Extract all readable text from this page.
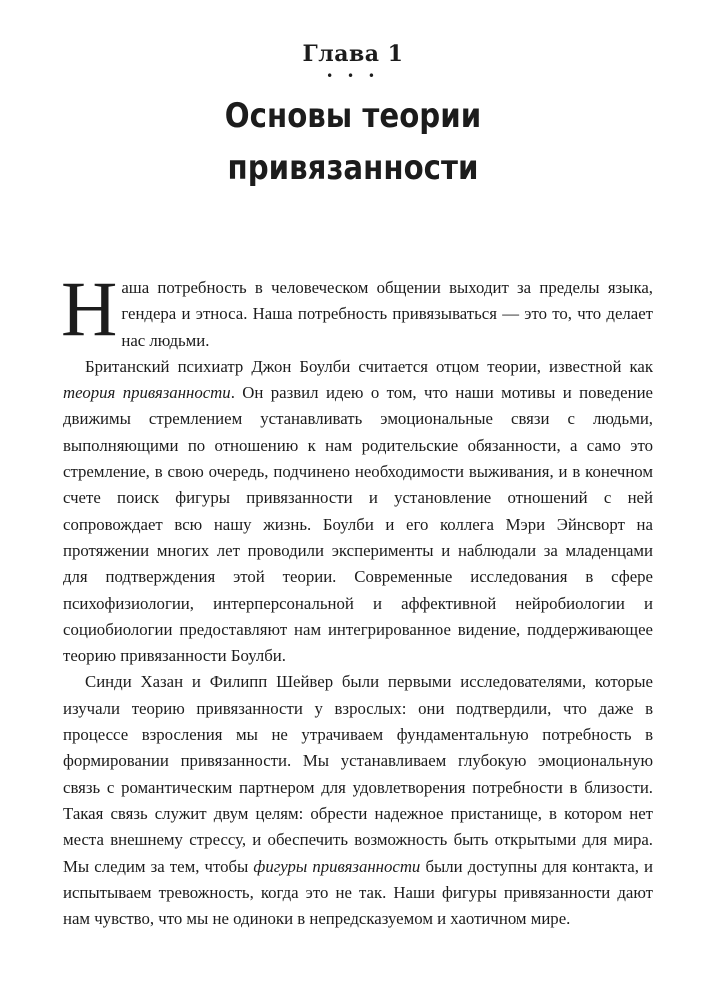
Глава 1
• • •
Основы теории
привязанности

Наша потребность в человеческом общении выходит за пределы языка, гендера и этноса. Наша потребность привязываться — это то, что делает нас людьми.

Британский психиатр Джон Боулби считается отцом теории, известной как теория привязанности. Он развил идею о том, что наши мотивы и поведение движимы стремлением устанавливать эмоциональные связи с людьми, выполняющими по отношению к нам родительские обязанности, а само это стремление, в свою очередь, подчинено необходимости выживания, и в конечном счете поиск фигуры привязанности и установление отношений с ней сопровождает всю нашу жизнь. Боулби и его коллега Мэри Эйнсворт на протяжении многих лет проводили эксперименты и наблюдали за младенцами для подтверждения этой теории. Современные исследования в сфере психофизиологии, интерперсональной и аффективной нейробиологии и социобиологии предоставляют нам интегрированное видение, поддерживающее теорию привязанности Боулби.

Синди Хазан и Филипп Шейвер были первыми исследователями, которые изучали теорию привязанности у взрослых: они подтвердили, что даже в процессе взросления мы не утрачиваем фундаментальную потребность в формировании привязанности. Мы устанавливаем глубокую эмоциональную связь с романтическим партнером для удовлетворения потребности в близости. Такая связь служит двум целям: обрести надежное пристанище, в котором нет места внешнему стрессу, и обеспечить возможность быть открытыми для мира. Мы следим за тем, чтобы фигуры привязанности были доступны для контакта, и испытываем тревожность, когда это не так. Наши фигуры привязанности дают нам чувство, что мы не одиноки в непредсказуемом и хаотичном мире.
